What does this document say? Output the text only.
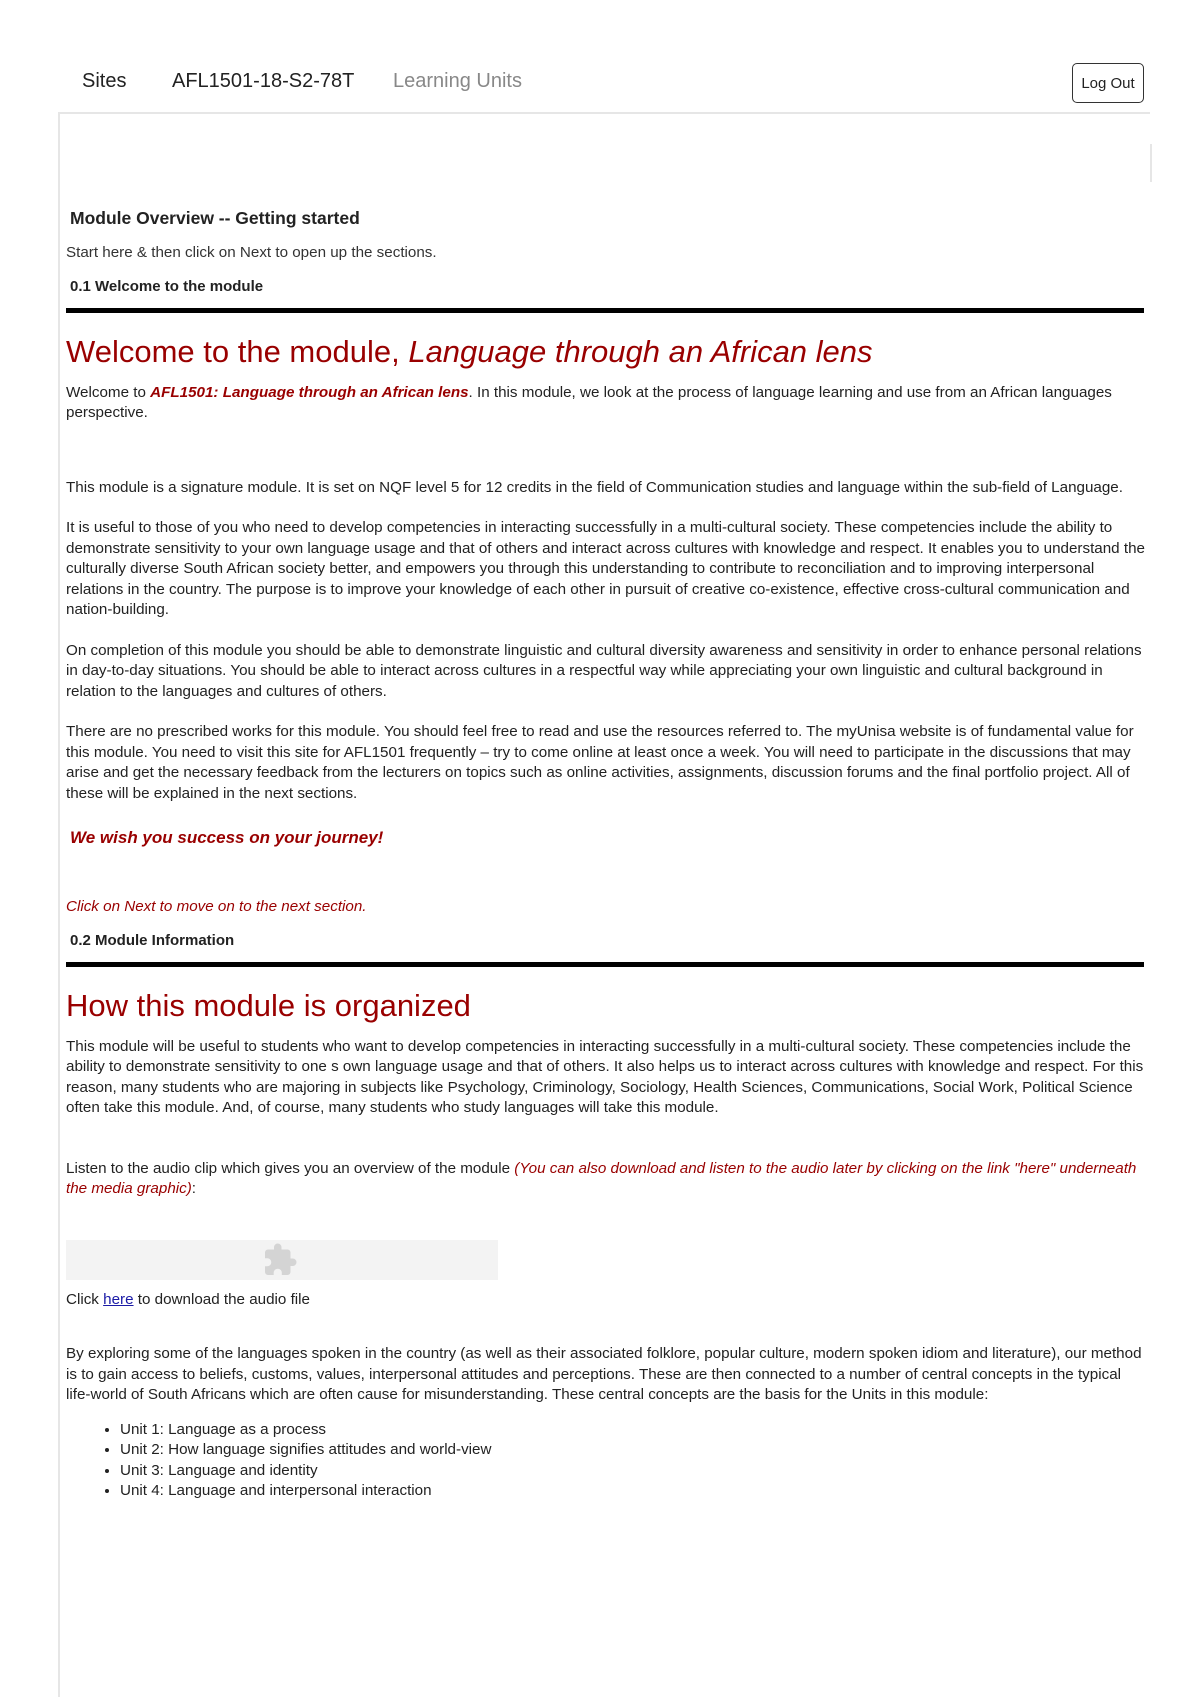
Sites AFL1501-18-S2-78T Learning Units	Log Out
Module Overview -- Getting started
Start here & then click on Next to open up the sections.
0.1 Welcome to the module
Welcome to the module, Language through an African lens

Welcome to AFL1501: Language through an African lens. In this module, we look at the process of language learning and use from an African languages perspective.

This module is a signature module. It is set on NQF level 5 for 12 credits in the field of Communication studies and language within the sub-field of Language.

It is useful to those of you who need to develop competencies in interacting successfully in a multi-cultural society. These competencies include the ability to demonstrate sensitivity to your own language usage and that of others and interact across cultures with knowledge and respect. It enables you to understand the culturally diverse South African society better, and empowers you through this understanding to contribute to reconciliation and to improving interpersonal relations in the country. The purpose is to improve your knowledge of each other in pursuit of creative co-existence, effective cross-cultural communication and nation-building.

On completion of this module you should be able to demonstrate linguistic and cultural diversity awareness and sensitivity in order to enhance personal relations in day-to-day situations. You should be able to interact across cultures in a respectful way while appreciating your own linguistic and cultural background in relation to the languages and cultures of others.

There are no prescribed works for this module. You should feel free to read and use the resources referred to. The myUnisa website is of fundamental value for this module. You need to visit this site for AFL1501 frequently – try to come online at least once a week. You will need to participate in the discussions that may arise and get the necessary feedback from the lecturers on topics such as online activities, assignments, discussion forums and the final portfolio project. All of these will be explained in the next sections.

We wish you success on your journey!
Click on Next to move on to the next section.
0.2 Module Information
How this module is organized

This module will be useful to students who want to develop competencies in interacting successfully in a multi-cultural society. These competencies include the ability to demonstrate sensitivity to one s own language usage and that of others. It also helps us to interact across cultures with knowledge and respect. For this reason, many students who are majoring in subjects like Psychology, Criminology, Sociology, Health Sciences, Communications, Social Work, Political Science often take this module. And, of course, many students who study languages will take this module.

Listen to the audio clip which gives you an overview of the module (You can also download and listen to the audio later by clicking on the link "here" underneath the media graphic):

Click here to download the audio file

By exploring some of the languages spoken in the country (as well as their associated folklore, popular culture, modern spoken idiom and literature), our method is to gain access to beliefs, customs, values, interpersonal attitudes and perceptions. These are then connected to a number of central concepts in the typical life-world of South Africans which are often cause for misunderstanding. These central concepts are the basis for the Units in this module:

• Unit 1: Language as a process
• Unit 2: How language signifies attitudes and world-view
• Unit 3: Language and identity
• Unit 4: Language and interpersonal interaction
